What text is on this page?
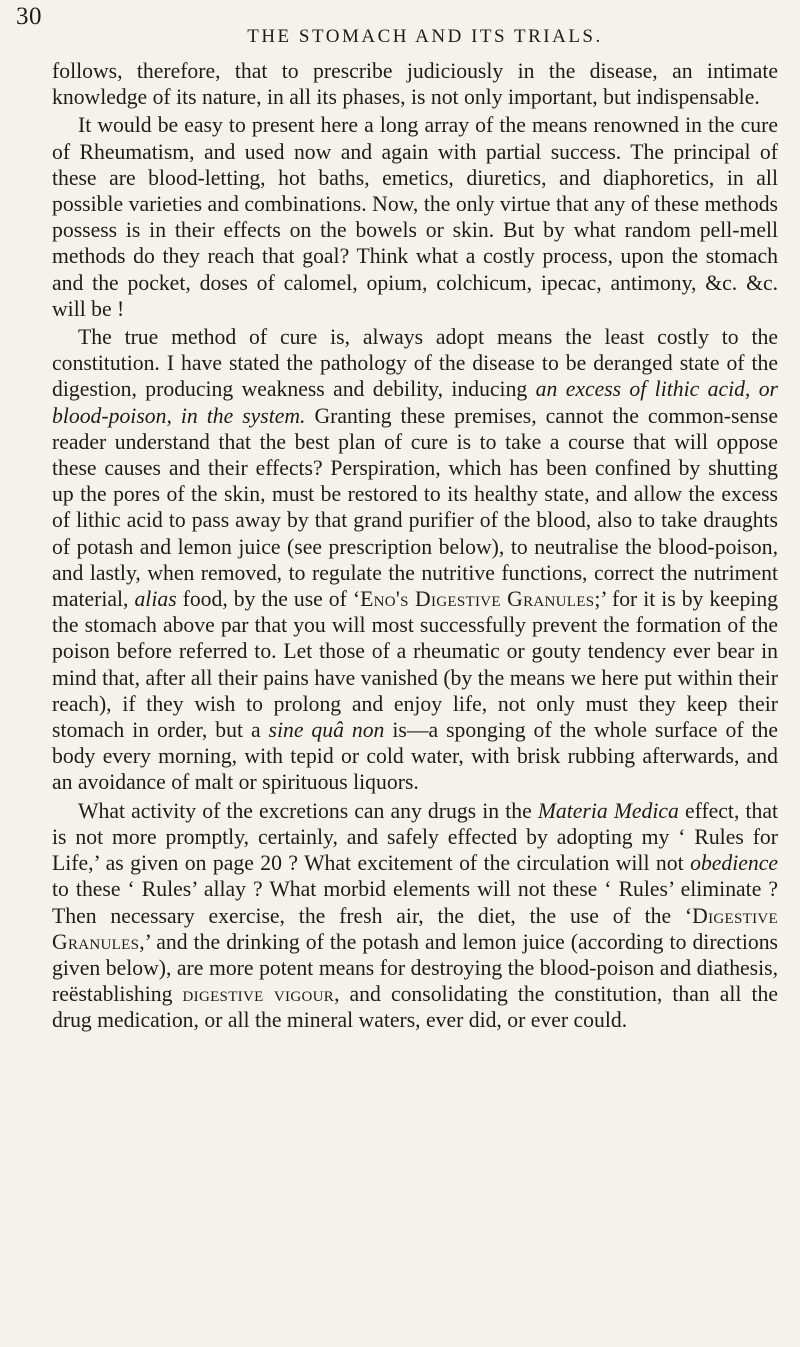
30
THE STOMACH AND ITS TRIALS.

follows, therefore, that to prescribe judiciously in the disease, an intimate knowledge of its nature, in all its phases, is not only important, but indispensable.

It would be easy to present here a long array of the means renowned in the cure of Rheumatism, and used now and again with partial success. The principal of these are blood-letting, hot baths, emetics, diuretics, and diaphoretics, in all possible varieties and combinations. Now, the only virtue that any of these methods possess is in their effects on the bowels or skin. But by what random pell-mell methods do they reach that goal? Think what a costly process, upon the stomach and the pocket, doses of calomel, opium, colchicum, ipecac, antimony, &c. &c. will be !

The true method of cure is, always adopt means the least costly to the constitution. I have stated the pathology of the disease to be deranged state of the digestion, producing weakness and debility, inducing an excess of lithic acid, or blood-poison, in the system. Granting these premises, cannot the common-sense reader understand that the best plan of cure is to take a course that will oppose these causes and their effects? Perspiration, which has been confined by shutting up the pores of the skin, must be restored to its healthy state, and allow the excess of lithic acid to pass away by that grand purifier of the blood, also to take draughts of potash and lemon juice (see prescription below), to neutralise the blood-poison, and lastly, when removed, to regulate the nutritive functions, correct the nutriment material, alias food, by the use of ‘Eno's Digestive Granules;’ for it is by keeping the stomach above par that you will most successfully prevent the formation of the poison before referred to. Let those of a rheumatic or gouty tendency ever bear in mind that, after all their pains have vanished (by the means we here put within their reach), if they wish to prolong and enjoy life, not only must they keep their stomach in order, but a sine quâ non is—a sponging of the whole surface of the body every morning, with tepid or cold water, with brisk rubbing afterwards, and an avoidance of malt or spirituous liquors.

What activity of the excretions can any drugs in the Materia Medica effect, that is not more promptly, certainly, and safely effected by adopting my ‘ Rules for Life,’ as given on page 20 ? What excitement of the circulation will not obedience to these ‘ Rules’ allay ? What morbid elements will not these ‘ Rules’ eliminate ? Then necessary exercise, the fresh air, the diet, the use of the ‘Digestive Granules,’ and the drinking of the potash and lemon juice (according to directions given below), are more potent means for destroying the blood-poison and diathesis, reëstablishing digestive vigour, and consolidating the constitution, than all the drug medication, or all the mineral waters, ever did, or ever could.
